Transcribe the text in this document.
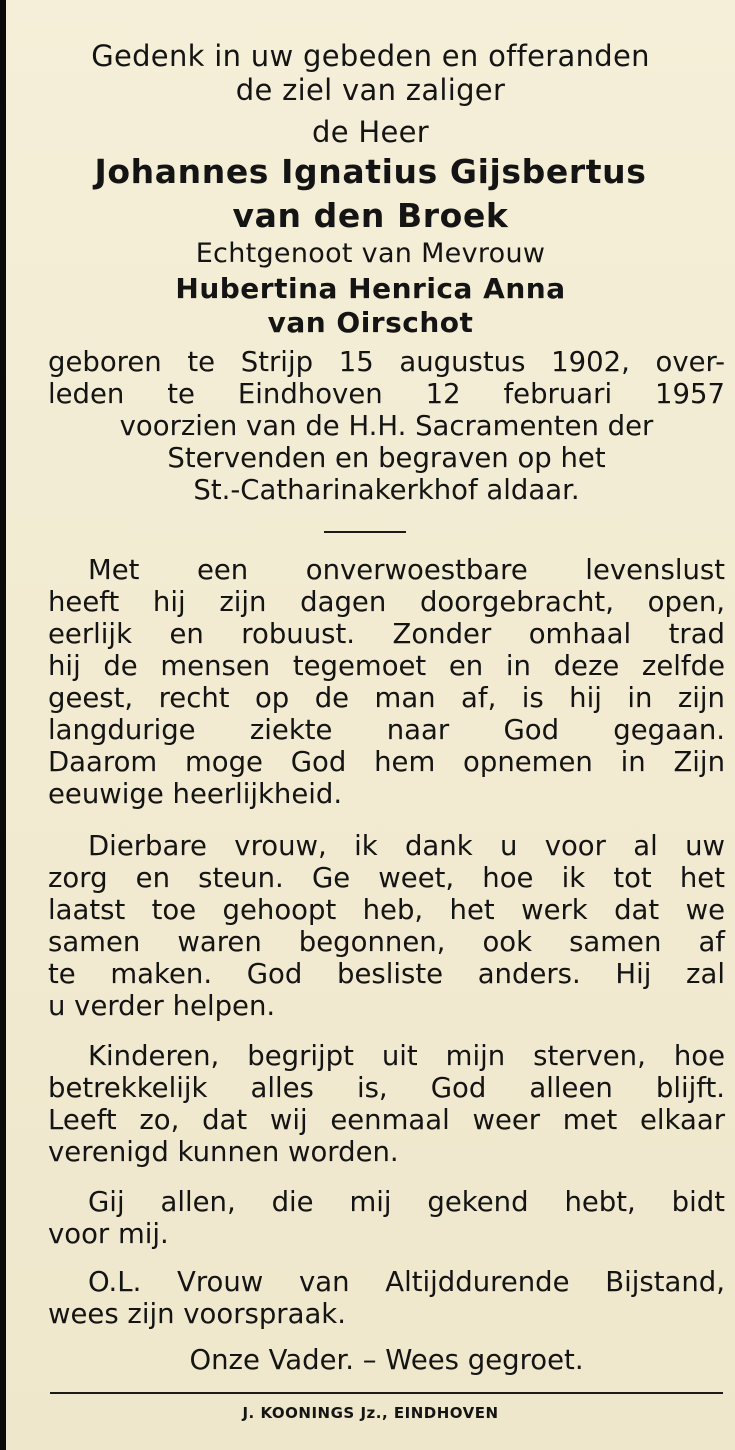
Gedenk in uw gebeden en offeranden
de ziel van zaliger
de Heer
Johannes Ignatius Gijsbertus
van den Broek
Echtgenoot van Mevrouw
Hubertina Henrica Anna
van Oirschot
geboren te Strijp 15 augustus 1902, over-
leden te Eindhoven 12 februari 1957
voorzien van de H.H. Sacramenten der
Stervenden en begraven op het
St.-Catharinakerkhof aldaar.
Met een onverwoestbare levenslust
heeft hij zijn dagen doorgebracht, open,
eerlijk en robuust. Zonder omhaal trad
hij de mensen tegemoet en in deze zelfde
geest, recht op de man af, is hij in zijn
langdurige ziekte naar God gegaan.
Daarom moge God hem opnemen in Zijn
eeuwige heerlijkheid.
Dierbare vrouw, ik dank u voor al uw
zorg en steun. Ge weet, hoe ik tot het
laatst toe gehoopt heb, het werk dat we
samen waren begonnen, ook samen af
te maken. God besliste anders. Hij zal
u verder helpen.
Kinderen, begrijpt uit mijn sterven, hoe
betrekkelijk alles is, God alleen blijft.
Leeft zo, dat wij eenmaal weer met elkaar
verenigd kunnen worden.
Gij allen, die mij gekend hebt, bidt
voor mij.
O.L. Vrouw van Altijddurende Bijstand,
wees zijn voorspraak.
Onze Vader. – Wees gegroet.
J. KOONINGS Jz., EINDHOVEN
